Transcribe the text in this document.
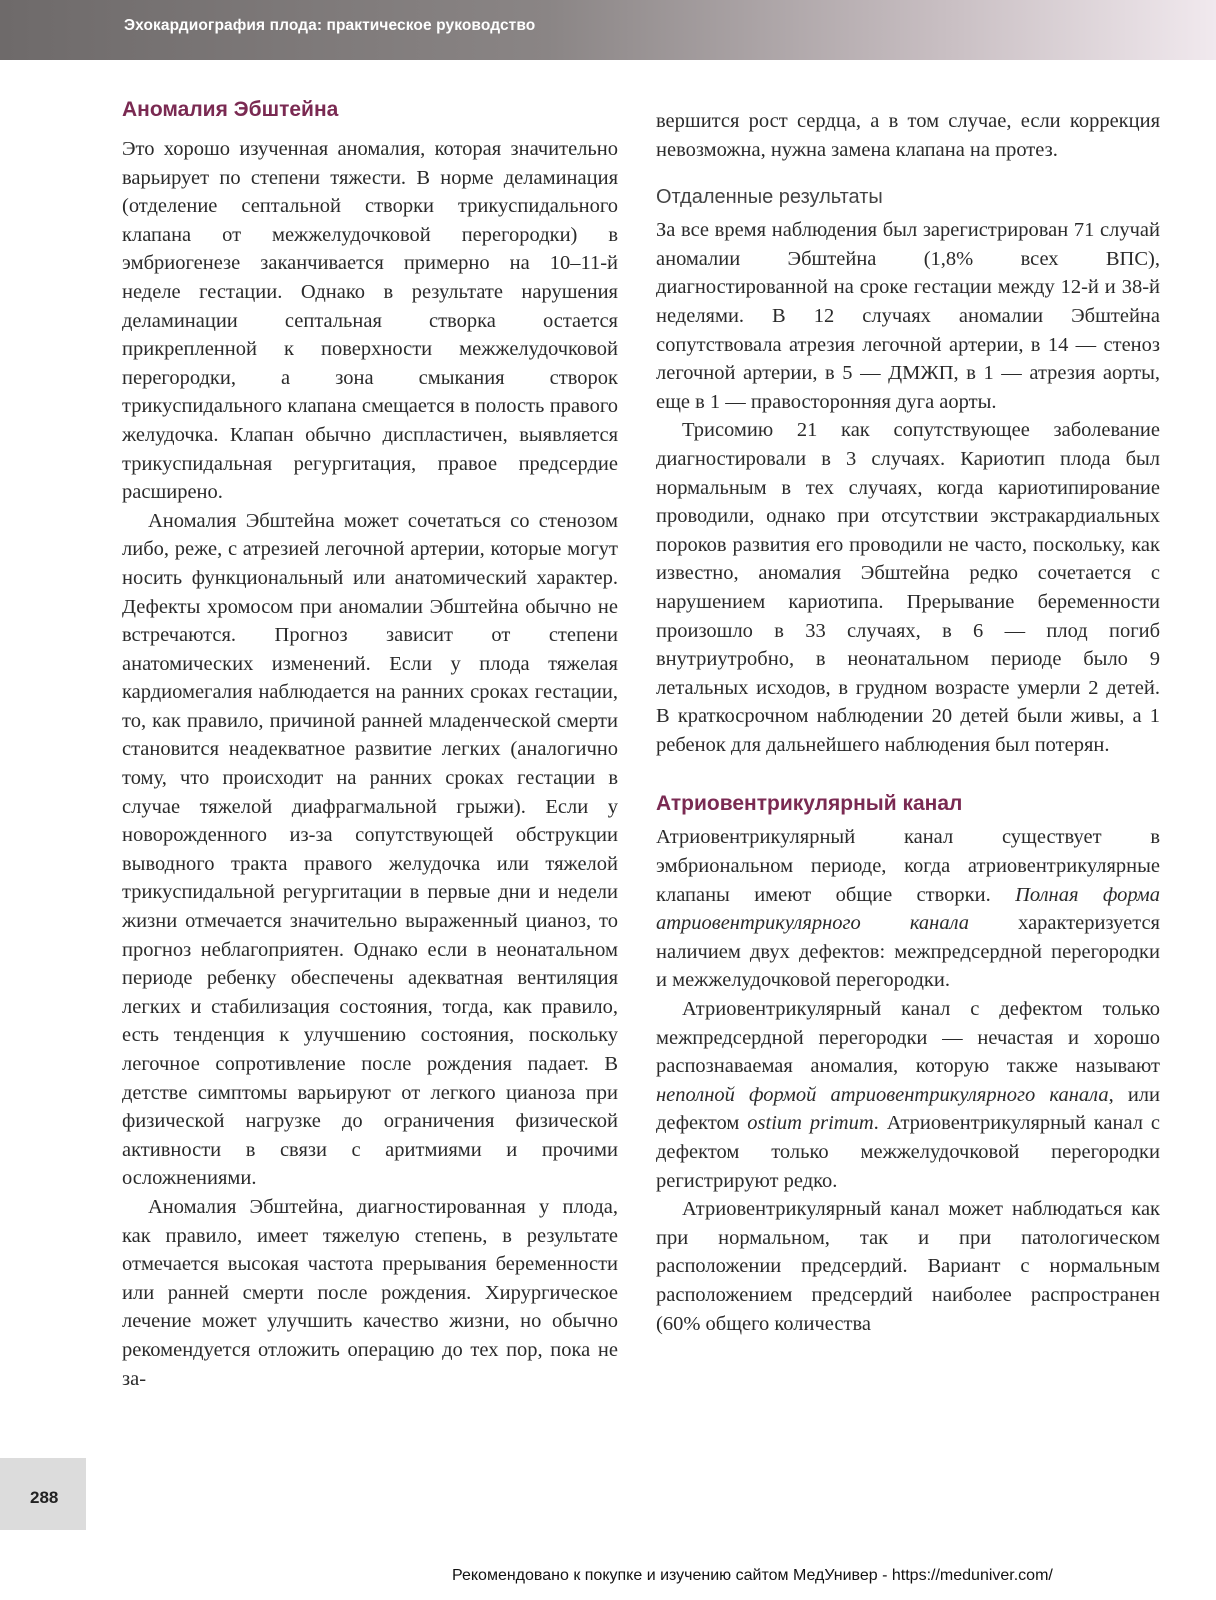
Эхокардиография плода: практическое руководство
Аномалия Эбштейна

Это хорошо изученная аномалия, которая значительно варьирует по степени тяжести. В норме деламинация (отделение септальной створки трикуспидального клапана от межжелудочковой перегородки) в эмбриогенезе заканчивается примерно на 10–11-й неделе гестации. Однако в результате нарушения деламинации септальная створка остается прикрепленной к поверхности межжелудочковой перегородки, а зона смыкания створок трикуспидального клапана смещается в полость правого желудочка. Клапан обычно диспластичен, выявляется трикуспидальная регургитация, правое предсердие расширено.

Аномалия Эбштейна может сочетаться со стенозом либо, реже, с атрезией легочной артерии, которые могут носить функциональный или анатомический характер. Дефекты хромосом при аномалии Эбштейна обычно не встречаются. Прогноз зависит от степени анатомических изменений. Если у плода тяжелая кардиомегалия наблюдается на ранних сроках гестации, то, как правило, причиной ранней младенческой смерти становится неадекватное развитие легких (аналогично тому, что происходит на ранних сроках гестации в случае тяжелой диафрагмальной грыжи). Если у новорожденного из-за сопутствующей обструкции выводного тракта правого желудочка или тяжелой трикуспидальной регургитации в первые дни и недели жизни отмечается значительно выраженный цианоз, то прогноз неблагоприятен. Однако если в неонатальном периоде ребенку обеспечены адекватная вентиляция легких и стабилизация состояния, тогда, как правило, есть тенденция к улучшению состояния, поскольку легочное сопротивление после рождения падает. В детстве симптомы варьируют от легкого цианоза при физической нагрузке до ограничения физической активности в связи с аритмиями и прочими осложнениями.

Аномалия Эбштейна, диагностированная у плода, как правило, имеет тяжелую степень, в результате отмечается высокая частота прерывания беременности или ранней смерти после рождения. Хирургическое лечение может улучшить качество жизни, но обычно рекомендуется отложить операцию до тех пор, пока не за-

вершится рост сердца, а в том случае, если коррекция невозможна, нужна замена клапана на протез.

Отдаленные результаты

За все время наблюдения был зарегистрирован 71 случай аномалии Эбштейна (1,8% всех ВПС), диагностированной на сроке гестации между 12-й и 38-й неделями. В 12 случаях аномалии Эбштейна сопутствовала атрезия легочной артерии, в 14 — стеноз легочной артерии, в 5 — ДМЖП, в 1 — атрезия аорты, еще в 1 — правосторонняя дуга аорты.

Трисомию 21 как сопутствующее заболевание диагностировали в 3 случаях. Кариотип плода был нормальным в тех случаях, когда кариотипирование проводили, однако при отсутствии экстракардиальных пороков развития его проводили не часто, поскольку, как известно, аномалия Эбштейна редко сочетается с нарушением кариотипа. Прерывание беременности произошло в 33 случаях, в 6 — плод погиб внутриутробно, в неонатальном периоде было 9 летальных исходов, в грудном возрасте умерли 2 детей. В краткосрочном наблюдении 20 детей были живы, а 1 ребенок для дальнейшего наблюдения был потерян.

Атриовентрикулярный канал

Атриовентрикулярный канал существует в эмбриональном периоде, когда атриовентрикулярные клапаны имеют общие створки. Полная форма атриовентрикулярного канала характеризуется наличием двух дефектов: межпредсердной перегородки и межжелудочковой перегородки.

Атриовентрикулярный канал с дефектом только межпредсердной перегородки — нечастая и хорошо распознаваемая аномалия, которую также называют неполной формой атриовентрикулярного канала, или дефектом ostium primum. Атриовентрикулярный канал с дефектом только межжелудочковой перегородки регистрируют редко.

Атриовентрикулярный канал может наблюдаться как при нормальном, так и при патологическом расположении предсердий. Вариант с нормальным расположением предсердий наиболее распространен (60% общего количества

288
Рекомендовано к покупке и изучению сайтом МедУнивер - https://meduniver.com/
